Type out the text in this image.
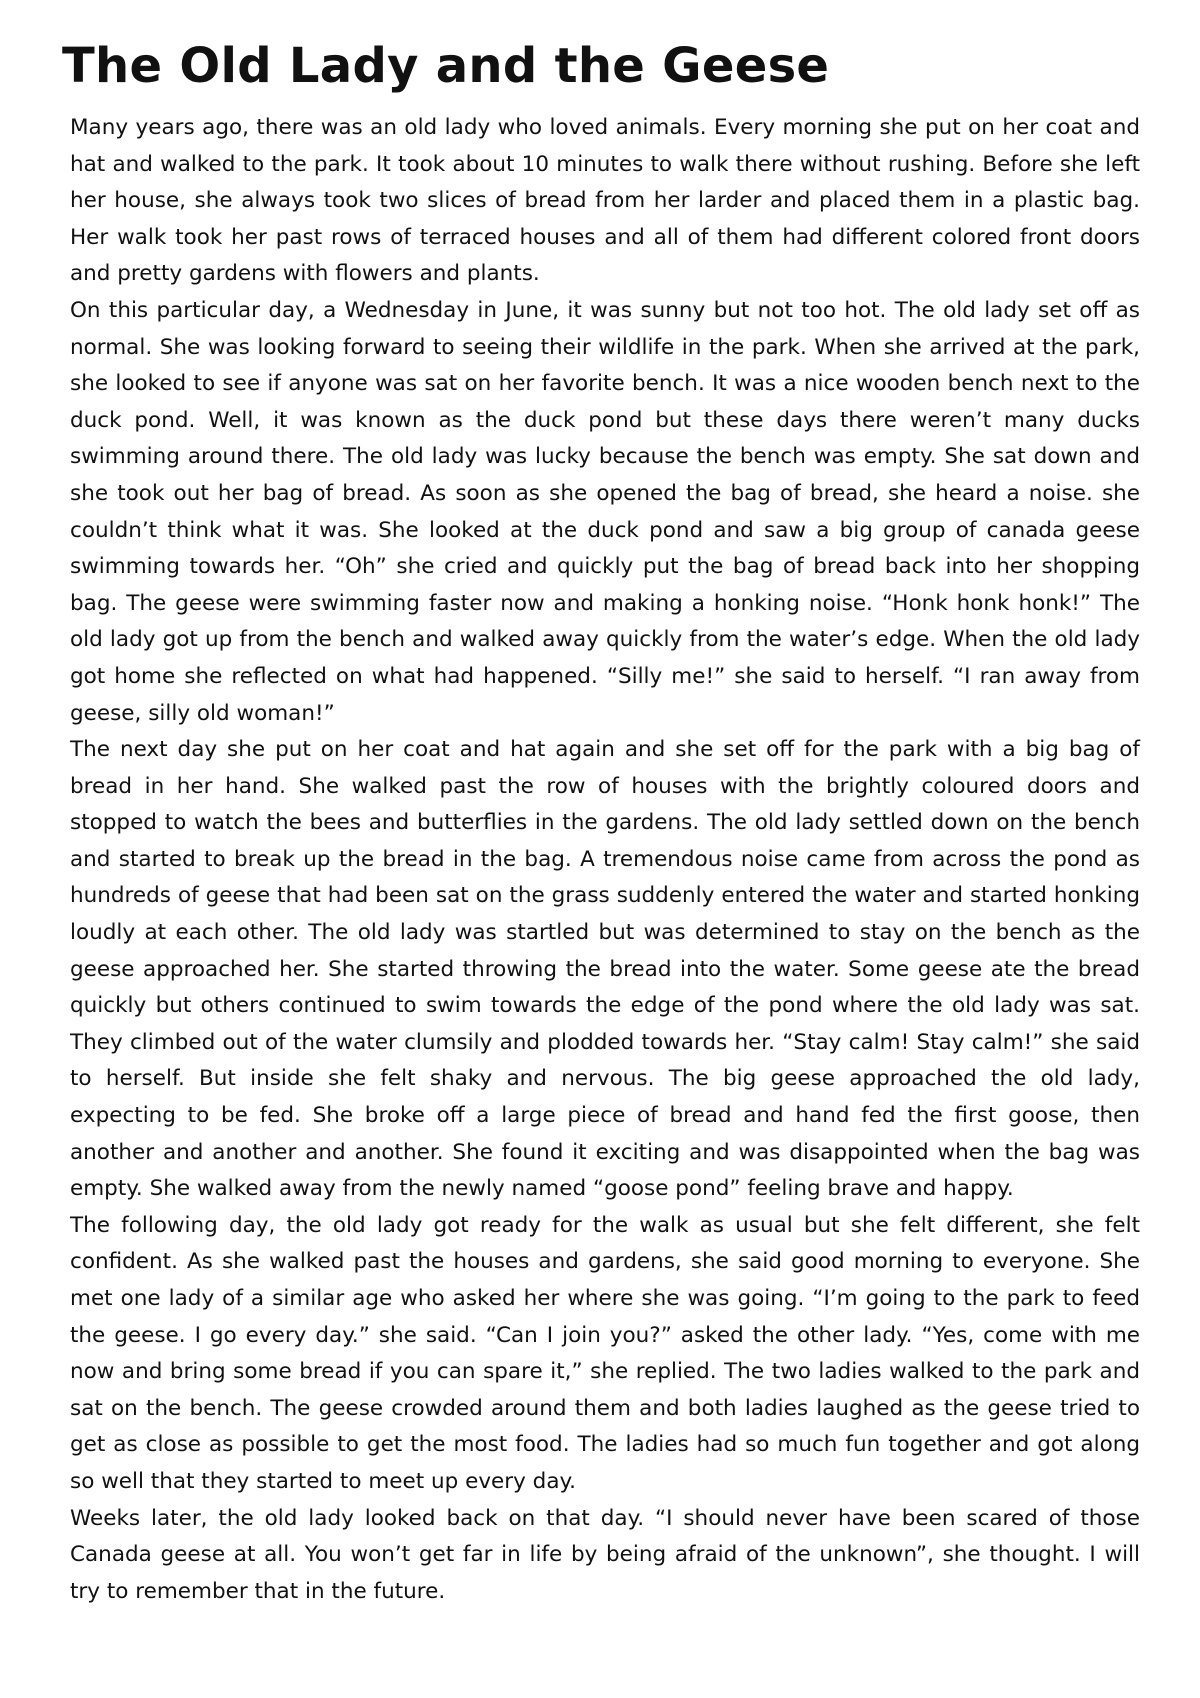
The Old Lady and the Geese

Many years ago, there was an old lady who loved animals. Every morning she put on her coat and hat and walked to the park. It took about 10 minutes to walk there without rushing. Before she left her house, she always took two slices of bread from her larder and placed them in a plastic bag. Her walk took her past rows of terraced houses and all of them had different colored front doors and pretty gardens with flowers and plants.

On this particular day, a Wednesday in June, it was sunny but not too hot. The old lady set off as normal. She was looking forward to seeing their wildlife in the park. When she arrived at the park, she looked to see if anyone was sat on her favorite bench. It was a nice wooden bench next to the duck pond. Well, it was known as the duck pond but these days there weren’t many ducks swimming around there. The old lady was lucky because the bench was empty. She sat down and she took out her bag of bread. As soon as she opened the bag of bread, she heard a noise. she couldn’t think what it was. She looked at the duck pond and saw a big group of canada geese swimming towards her. “Oh” she cried and quickly put the bag of bread back into her shopping bag. The geese were swimming faster now and making a honking noise. “Honk honk honk!” The old lady got up from the bench and walked away quickly from the water’s edge. When the old lady got home she reflected on what had happened. “Silly me!” she said to herself. “I ran away from geese, silly old woman!”

The next day she put on her coat and hat again and she set off for the park with a big bag of bread in her hand. She walked past the row of houses with the brightly coloured doors and stopped to watch the bees and butterflies in the gardens. The old lady settled down on the bench and started to break up the bread in the bag. A tremendous noise came from across the pond as hundreds of geese that had been sat on the grass suddenly entered the water and started honking loudly at each other. The old lady was startled but was determined to stay on the bench as the geese approached her. She started throwing the bread into the water. Some geese ate the bread quickly but others continued to swim towards the edge of the pond where the old lady was sat. They climbed out of the water clumsily and plodded towards her. “Stay calm! Stay calm!” she said to herself. But inside she felt shaky and nervous. The big geese approached the old lady, expecting to be fed. She broke off a large piece of bread and hand fed the first goose, then another and another and another. She found it exciting and was disappointed when the bag was empty. She walked away from the newly named “goose pond” feeling brave and happy.

The following day, the old lady got ready for the walk as usual but she felt different, she felt confident. As she walked past the houses and gardens, she said good morning to everyone. She met one lady of a similar age who asked her where she was going. “I’m going to the park to feed the geese. I go every day.” she said. “Can I join you?” asked the other lady. “Yes, come with me now and bring some bread if you can spare it,” she replied. The two ladies walked to the park and sat on the bench. The geese crowded around them and both ladies laughed as the geese tried to get as close as possible to get the most food. The ladies had so much fun together and got along so well that they started to meet up every day.

Weeks later, the old lady looked back on that day. “I should never have been scared of those Canada geese at all. You won’t get far in life by being afraid of the unknown”, she thought. I will try to remember that in the future.
